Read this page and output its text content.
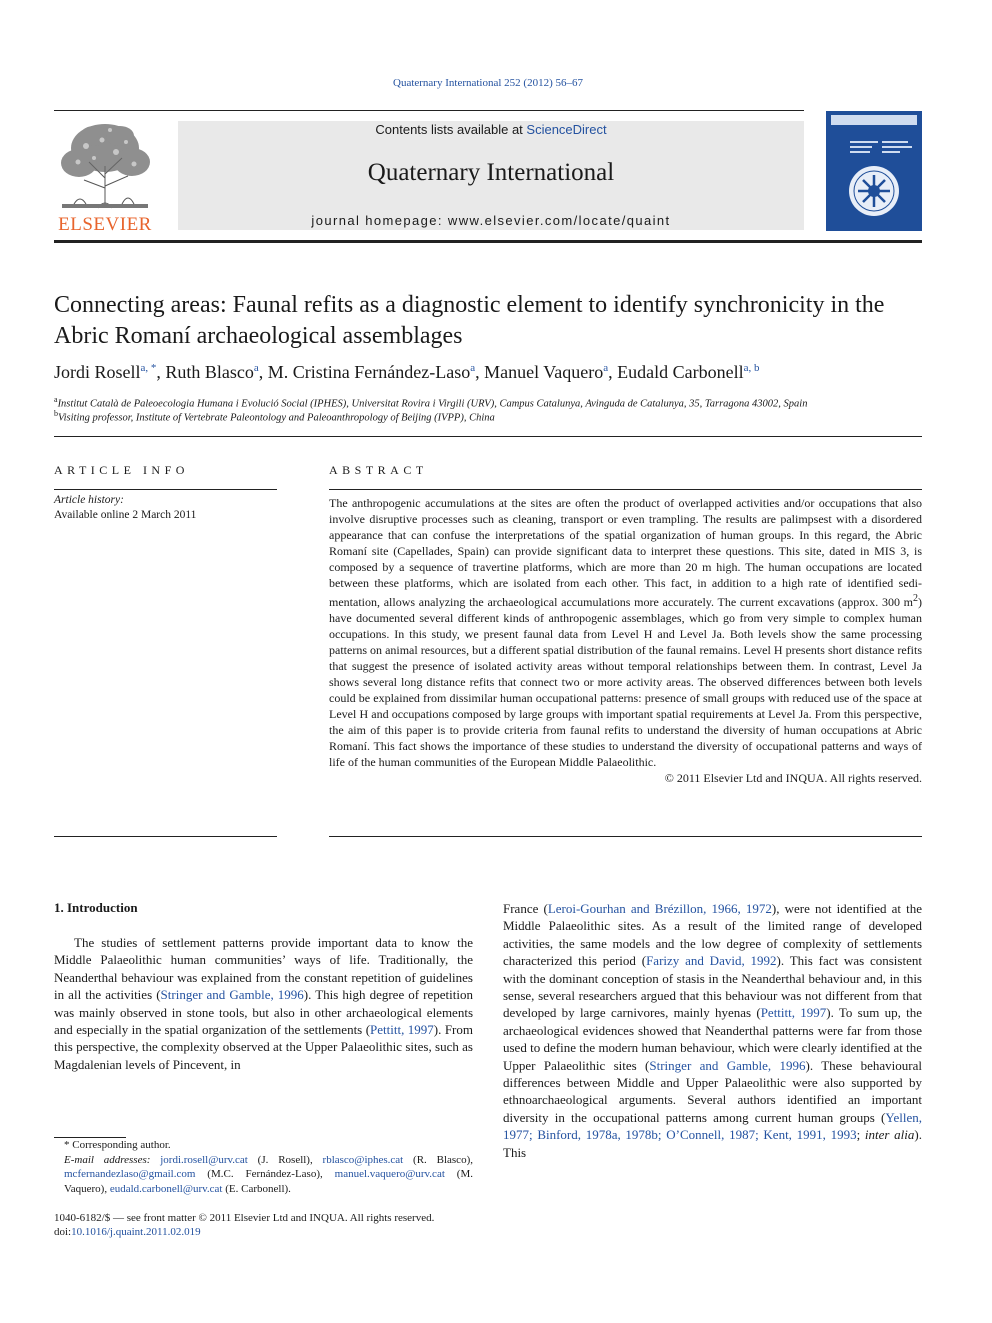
Quaternary International 252 (2012) 56–67
ELSEVIER
Contents lists available at ScienceDirect
Quaternary International
journal homepage: www.elsevier.com/locate/quaint
Connecting areas: Faunal refits as a diagnostic element to identify synchronicity in the Abric Romaní archaeological assemblages
Jordi Rosell$^{a, *}$, Ruth Blasco$^a$, M. Cristina Fernández-Laso$^a$, Manuel Vaquero$^a$, Eudald Carbonell$^{a, b}$
$^a$Institut Català de Paleoecologia Humana i Evolució Social (IPHES), Universitat Rovira i Virgili (URV), Campus Catalunya, Avinguda de Catalunya, 35, Tarragona 43002, Spain
$^b$Visiting professor, Institute of Vertebrate Paleontology and Paleoanthropology of Beijing (IVPP), China
ARTICLE INFO	ABSTRACT
Article history:
Available online 2 March 2011

The anthropogenic accumulations at the sites are often the product of overlapped activities and/or occupations that also involve disruptive processes such as cleaning, transport or even trampling. The results are palimpsest with a disordered appearance that can confuse the interpretations of the spatial organization of human groups. In this regard, the Abric Romaní site (Capellades, Spain) can provide significant data to interpret these questions. This site, dated in MIS 3, is composed by a sequence of travertine platforms, which are more than 20 m high. The human occupations are located between these platforms, which are isolated from each other. This fact, in addition to a high rate of identified sedimentation, allows analyzing the archaeological accumulations more accurately. The current excavations (approx. 300 $m^2$) have documented several different kinds of anthropogenic assemblages, which go from very simple to complex human occupations. In this study, we present faunal data from Level H and Level Ja. Both levels show the same processing patterns on animal resources, but a different spatial distribution of the faunal remains. Level H presents short distance refits that suggest the presence of isolated activity areas without temporal relationships between them. In contrast, Level Ja shows several long distance refits that connect two or more activity areas. The observed differences between both levels could be explained from dissimilar human occupational patterns: presence of small groups with reduced use of the space at Level H and occupations composed by large groups with important spatial requirements at Level Ja. From this perspective, the aim of this paper is to provide criteria from faunal refits to understand the diversity of human occupations at Abric Romaní. This fact shows the importance of these studies to understand the diversity of occupational patterns and ways of life of the human communities of the European Middle Palaeolithic.

© 2011 Elsevier Ltd and INQUA. All rights reserved.

1. Introduction

The studies of settlement patterns provide important data to know the Middle Palaeolithic human communities’ ways of life. Traditionally, the Neanderthal behaviour was explained from the constant repetition of guidelines in all the activities (Stringer and Gamble, 1996). This high degree of repetition was mainly observed in stone tools, but also in other archaeological elements and especially in the spatial organization of the settlements (Pettitt, 1997). From this perspective, the complexity observed at the Upper Palaeolithic sites, such as Magdalenian levels of Pincevent, in

France (Leroi-Gourhan and Brézillon, 1966, 1972), were not identified at the Middle Palaeolithic sites. As a result of the limited range of developed activities, the same models and the low degree of complexity of settlements characterized this period (Farizy and David, 1992). This fact was consistent with the dominant conception of stasis in the Neanderthal behaviour and, in this sense, several researchers argued that this behaviour was not different from that developed by large carnivores, mainly hyenas (Pettitt, 1997). To sum up, the archaeological evidences showed that Neanderthal patterns were far from those used to define the modern human behaviour, which were clearly identified at the Upper Palaeolithic sites (Stringer and Gamble, 1996). These behavioural differences between Middle and Upper Palaeolithic were also supported by ethnoarchaeological arguments. Several authors identified an important diversity in the occupational patterns among current human groups (Yellen, 1977; Binford, 1978a, 1978b; O’Connell, 1987; Kent, 1991, 1993; inter alia). This

* Corresponding author.

E-mail addresses: jordi.rosell@urv.cat (J. Rosell), rblasco@iphes.cat (R. Blasco), mcfernandezlaso@gmail.com (M.C. Fernández-Laso), manuel.vaquero@urv.cat (M. Vaquero), eudald.carbonell@urv.cat (E. Carbonell).

1040-6182/$ — see front matter © 2011 Elsevier Ltd and INQUA. All rights reserved.
doi:10.1016/j.quaint.2011.02.019
